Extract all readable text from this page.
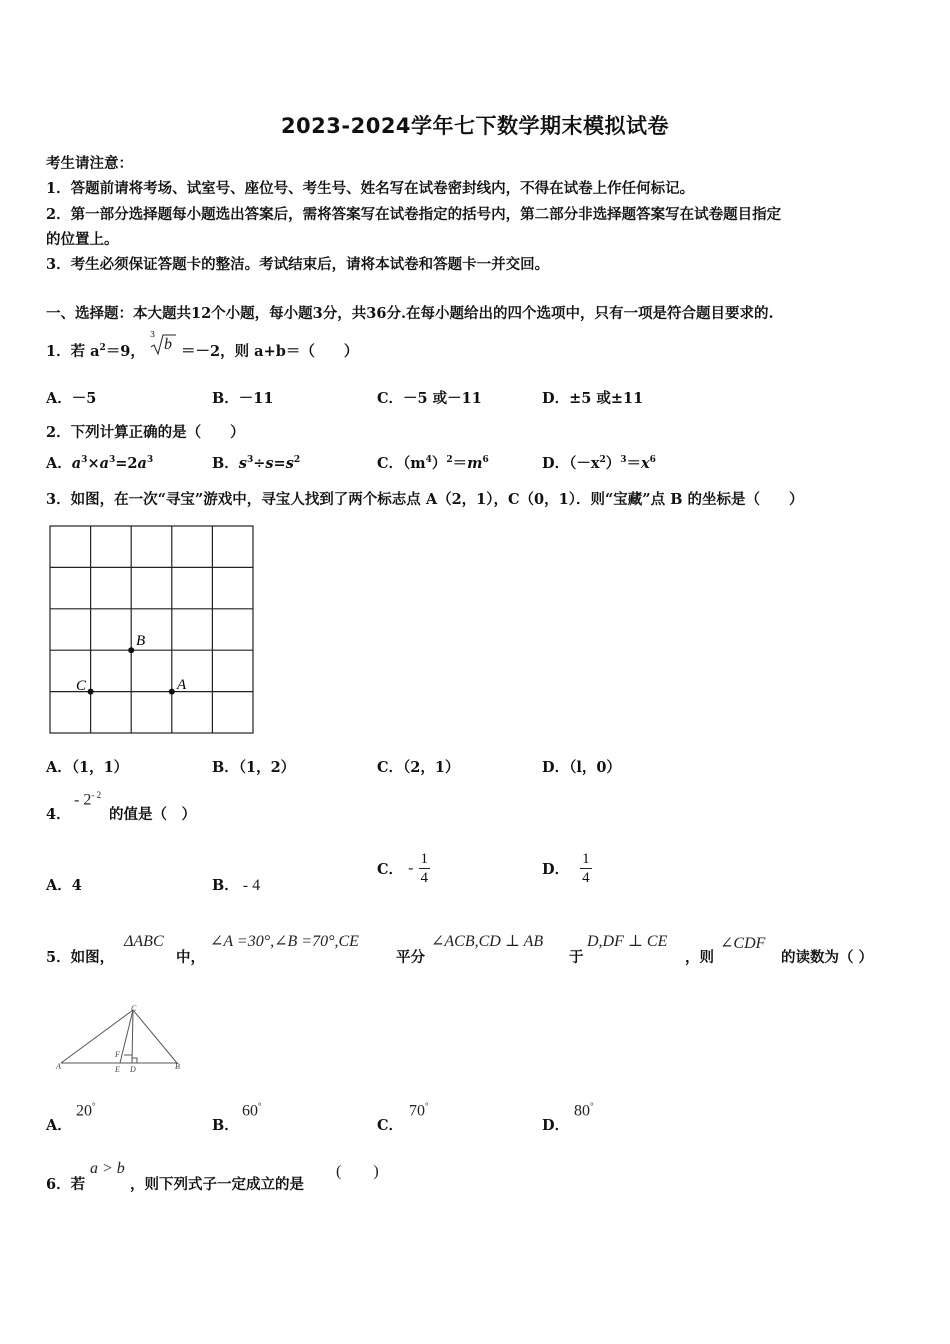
2023-2024学年七下数学期末模拟试卷
考生请注意：
1．答题前请将考场、试室号、座位号、考生号、姓名写在试卷密封线内，不得在试卷上作任何标记。
2．第一部分选择题每小题选出答案后，需将答案写在试卷指定的括号内，第二部分非选择题答案写在试卷题目指定
的位置上。
3．考生必须保证答题卡的整洁。考试结束后，请将本试卷和答题卡一并交回。
一、选择题：本大题共12个小题，每小题3分，共36分.在每小题给出的四个选项中，只有一项是符合题目要求的.
1．若 $a^2=9$，
3
b ＝－2，则 a+b＝（　　）
A．－5	B．－11	C．－5 或－11	D．±5 或±11
2．下列计算正确的是（　　）
A．$a^3\times a^3=2a^3$	B．$s^3\div s=s^2$	C．$(m^4)^2=m^6$	D．$(-x^2)^3=x^6$
3．如图，在一次“寻宝”游戏中，寻宝人找到了两个标志点 A（2，1），C（0，1）．则“宝藏”点 B 的坐标是（　　）
B
C	A
A．（1，1）	B．（1，2）	C．（2，1）	D．（l，0）
4．
- $2^{- 2}$
的值是（　）
A．4	B． - 4
C． - $\frac{1}{4}$	D． $\frac{1}{4}$
5．如图，
ΔABC
中，
∠A =30°,∠B =70°,CE
平分
∠ACB,CD ⊥ AB
于
D,DF ⊥ CE
，则
∠CDF
的读数为（ ）
C
A	B
E D
F
A．
20°
B．
60°
C．
70°
D．
80°
6．若
a > b
，则下列式子一定成立的是
(　　)
